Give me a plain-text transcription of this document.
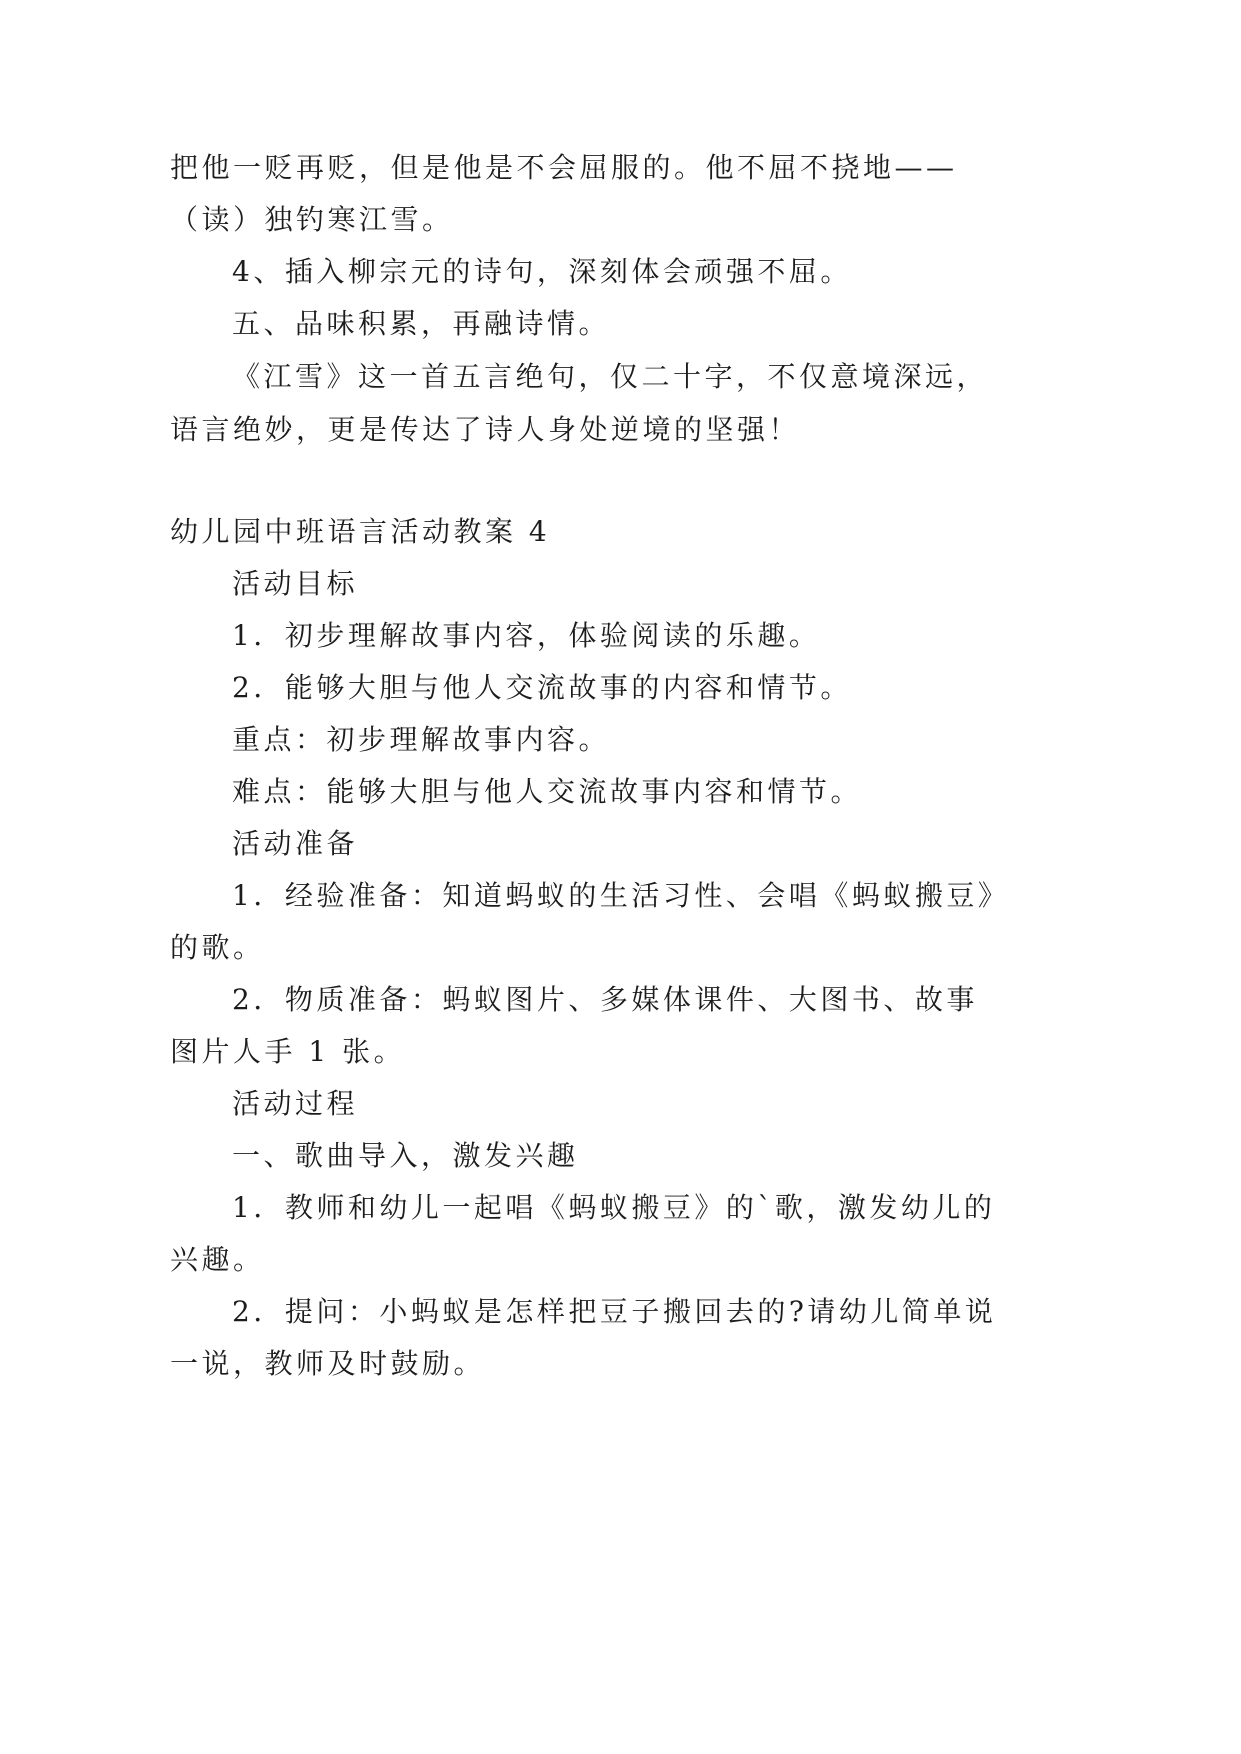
把他一贬再贬，但是他是不会屈服的。他不屈不挠地——
（读）独钓寒江雪。
4、插入柳宗元的诗句，深刻体会顽强不屈。
五、品味积累，再融诗情。
《江雪》这一首五言绝句，仅二十字，不仅意境深远，
语言绝妙，更是传达了诗人身处逆境的坚强！
幼儿园中班语言活动教案 4
活动目标
1．初步理解故事内容，体验阅读的乐趣。
2．能够大胆与他人交流故事的内容和情节。
重点：初步理解故事内容。
难点：能够大胆与他人交流故事内容和情节。
活动准备
1．经验准备：知道蚂蚁的生活习性、会唱《蚂蚁搬豆》
的歌。
2．物质准备：蚂蚁图片、多媒体课件、大图书、故事
图片人手 1 张。
活动过程
一、歌曲导入，激发兴趣
1．教师和幼儿一起唱《蚂蚁搬豆》的`歌，激发幼儿的
兴趣。
2．提问：小蚂蚁是怎样把豆子搬回去的?请幼儿简单说
一说，教师及时鼓励。
